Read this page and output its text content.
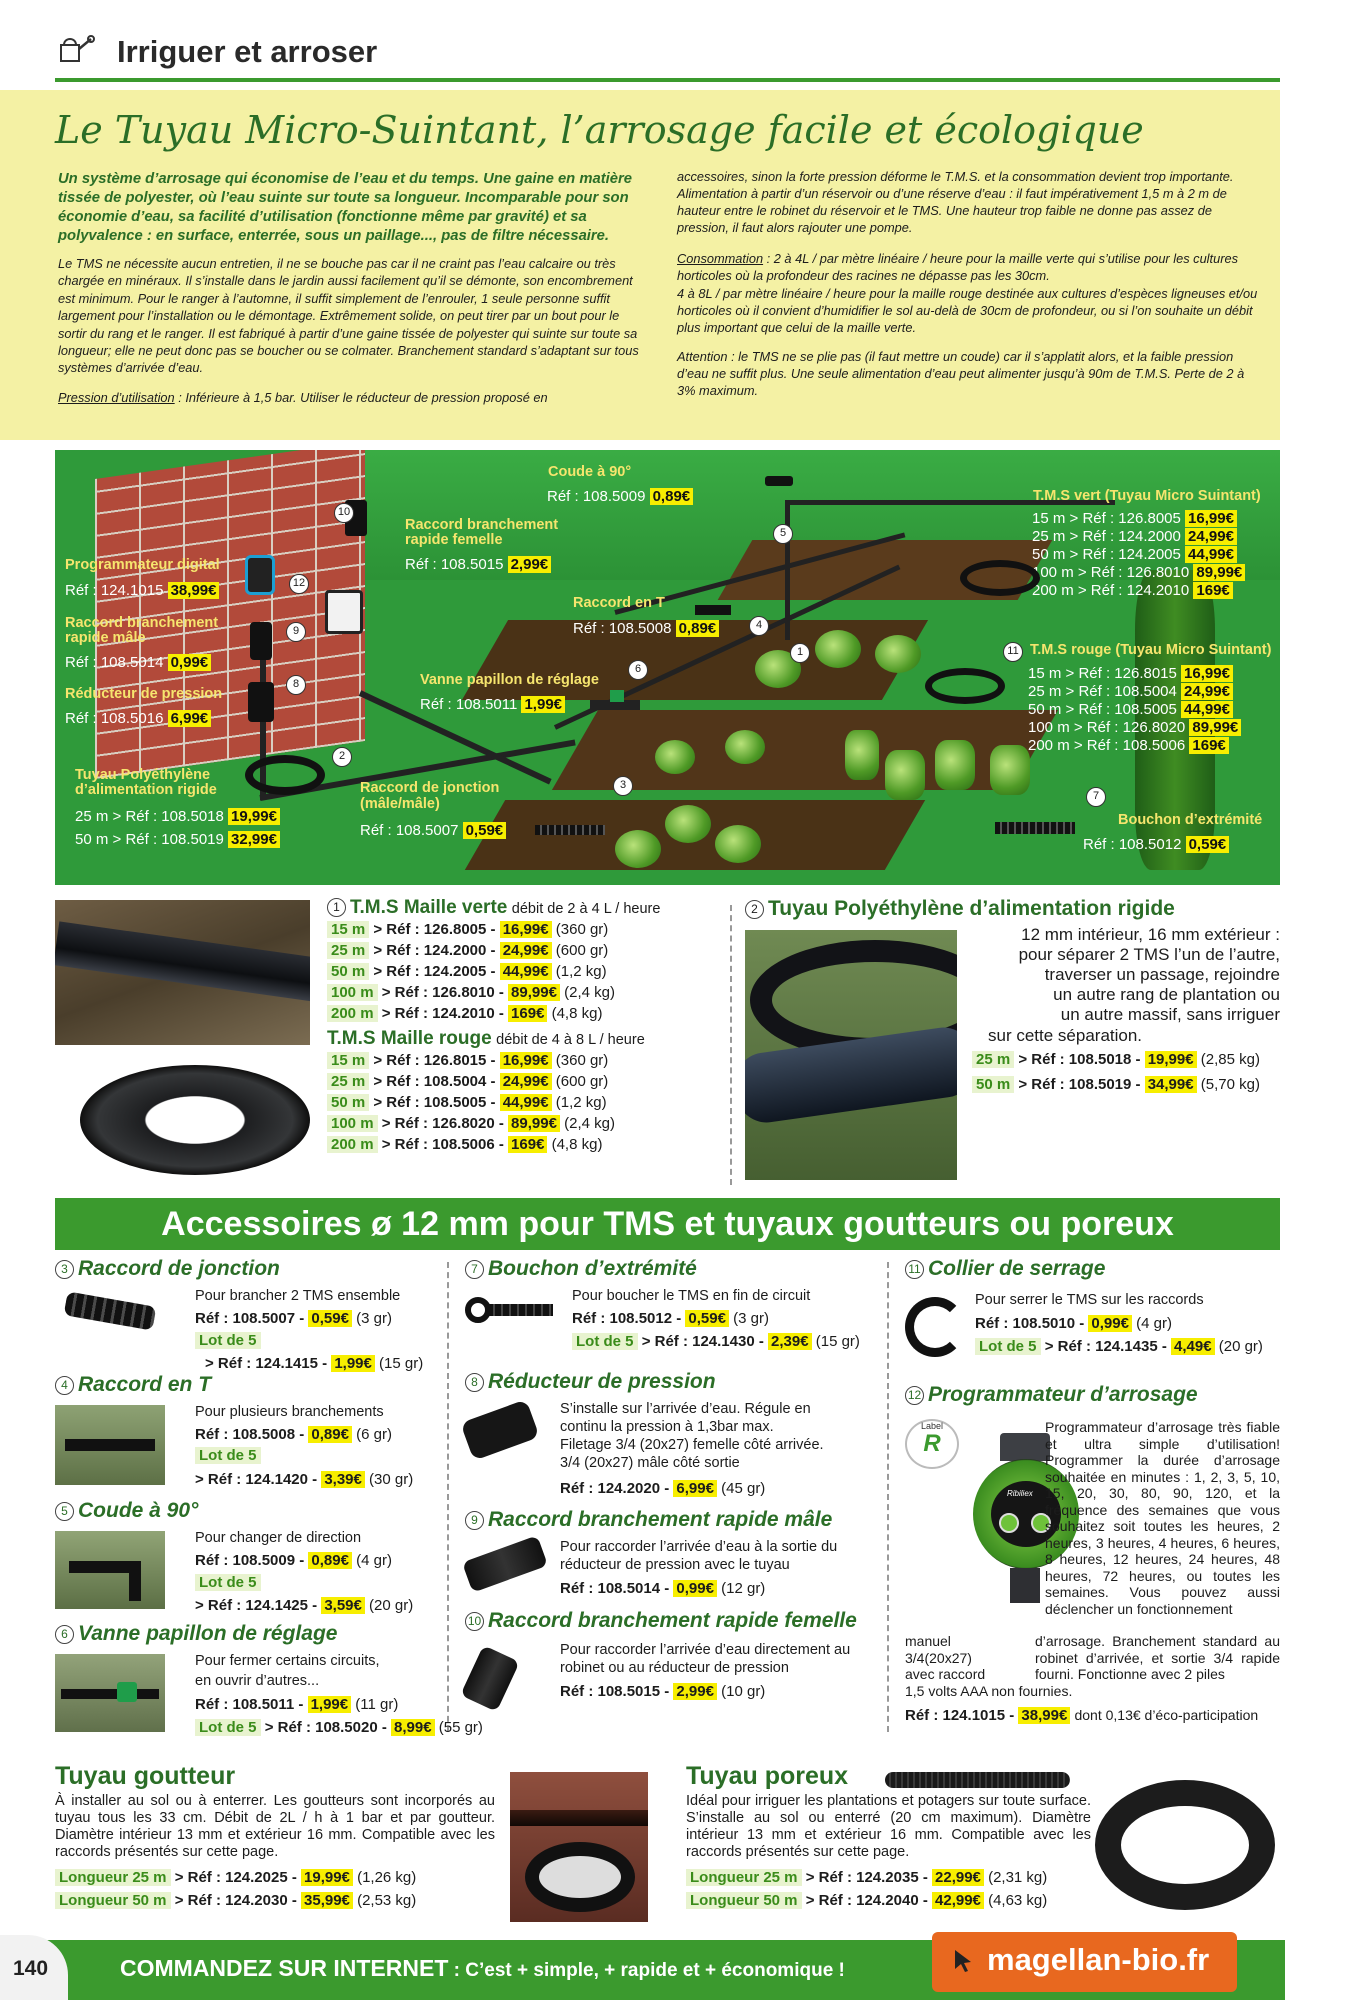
Irriguer et arroser
Le Tuyau Micro-Suintant, l’arrosage facile et écologique
Un système d’arrosage qui économise de l’eau et du temps. Une gaine en matière tissée de polyester, où l’eau suinte sur toute sa longueur. Incomparable pour son économie d’eau, sa facilité d’utilisation (fonctionne même par gravité) et sa polyvalence : en surface, enterrée, sous un paillage..., pas de filtre nécessaire.
Le TMS ne nécessite aucun entretien, il ne se bouche pas car il ne craint pas l’eau calcaire ou très chargée en minéraux. Il s’installe dans le jardin aussi facilement qu’il se démonte, son encombrement est minimum. Pour le ranger à l’automne, il suffit simplement de l’enrouler, 1 seule personne suffit largement pour l’installation ou le démontage. Extrêmement solide, on peut tirer par un bout pour le sortir du rang et le ranger. Il est fabriqué à partir d’une gaine tissée de polyester qui suinte sur toute sa longueur; elle ne peut donc pas se boucher ou se colmater. Branchement standard s’adaptant sur tous systèmes d’arrivée d’eau.
Pression d’utilisation : Inférieure à 1,5 bar. Utiliser le réducteur de pression proposé en
accessoires, sinon la forte pression déforme le T.M.S. et la consommation devient trop importante. Alimentation à partir d’un réservoir ou d’une réserve d’eau : il faut impérativement 1,5 m à 2 m de hauteur entre le robinet du réservoir et le TMS. Une hauteur trop faible ne donne pas assez de pression, il faut alors rajouter une pompe.
Consommation : 2 à 4L / par mètre linéaire / heure pour la maille verte qui s’utilise pour les cultures horticoles où la profondeur des racines ne dépasse pas les 30cm.
4 à 8L / par mètre linéaire / heure pour la maille rouge destinée aux cultures d’espèces ligneuses et/ou horticoles où il convient d’humidifier le sol au-delà de 30cm de profondeur, ou si l’on souhaite un débit plus important que celui de la maille verte.
Attention : le TMS ne se plie pas (il faut mettre un coude) car il s’applatit alors, et la faible pression d’eau ne suffit plus. Une seule alimentation d’eau peut alimenter jusqu’à 90m de T.M.S. Perte de 2 à 3% maximum.
Coude à 90°
Réf : 108.5009 0,89€
Raccord branchement rapide femelle
Réf : 108.5015 2,99€
Programmateur digital
Réf : 124.1015 38,99€
Raccord branchement rapide mâle
Réf : 108.5014 0,99€
Réducteur de pression
Réf : 108.5016 6,99€
Vanne papillon de réglage
Réf : 108.5011 1,99€
Raccord en T
Réf : 108.5008 0,89€
Tuyau Polyéthylène d’alimentation rigide
25 m > Réf : 108.5018 19,99€
50 m > Réf : 108.5019 32,99€
Raccord de jonction (mâle/mâle)
Réf : 108.5007 0,59€
T.M.S vert (Tuyau Micro Suintant)
15 m > Réf : 126.8005 16,99€
25 m > Réf : 124.2000 24,99€
50 m > Réf : 124.2005 44,99€
100 m > Réf : 126.8010 89,99€
200 m > Réf : 124.2010 169€
T.M.S rouge (Tuyau Micro Suintant)
15 m > Réf : 126.8015 16,99€
25 m > Réf : 108.5004 24,99€
50 m > Réf : 108.5005 44,99€
100 m > Réf : 126.8020 89,99€
200 m > Réf : 108.5006 169€
Bouchon d’extrémité
Réf : 108.5012 0,59€
1
2
3
4
5
6
7
8
9
10
11
12
1 T.M.S Maille verte débit de 2 à 4 L / heure
15 m > Réf : 126.8005 - 16,99€ (360 gr)
25 m > Réf : 124.2000 - 24,99€ (600 gr)
50 m > Réf : 124.2005 - 44,99€ (1,2 kg)
100 m > Réf : 126.8010 - 89,99€ (2,4 kg)
200 m > Réf : 124.2010 - 169€ (4,8 kg)
T.M.S Maille rouge débit de 4 à 8 L / heure
15 m > Réf : 126.8015 - 16,99€ (360 gr)
25 m > Réf : 108.5004 - 24,99€ (600 gr)
50 m > Réf : 108.5005 - 44,99€ (1,2 kg)
100 m > Réf : 126.8020 - 89,99€ (2,4 kg)
200 m > Réf : 108.5006 - 169€ (4,8 kg)
2 Tuyau Polyéthylène d’alimentation rigide
12 mm intérieur, 16 mm extérieur :
pour séparer 2 TMS l’un de l’autre,
traverser un passage, rejoindre
un autre rang de plantation ou
un autre massif, sans irriguer
sur cette séparation.
25 m > Réf : 108.5018 - 19,99€ (2,85 kg)
50 m > Réf : 108.5019 - 34,99€ (5,70 kg)
Accessoires ø 12 mm pour TMS et tuyaux goutteurs ou poreux
3 Raccord de jonction
Pour brancher 2 TMS ensemble
Réf : 108.5007 - 0,59€ (3 gr)
Lot de 5
> Réf : 124.1415 - 1,99€ (15 gr)
4 Raccord en T
Pour plusieurs branchements
Réf : 108.5008 - 0,89€ (6 gr)
Lot de 5
> Réf : 124.1420 - 3,39€ (30 gr)
5 Coude à 90°
Pour changer de direction
Réf : 108.5009 - 0,89€ (4 gr)
Lot de 5
> Réf : 124.1425 - 3,59€ (20 gr)
6 Vanne papillon de réglage
Pour fermer certains circuits,
en ouvrir d’autres...
Réf : 108.5011 - 1,99€ (11 gr)
Lot de 5 > Réf : 108.5020 - 8,99€ (55 gr)
7 Bouchon d’extrémité
Pour boucher le TMS en fin de circuit
Réf : 108.5012 - 0,59€ (3 gr)
Lot de 5 > Réf : 124.1430 - 2,39€ (15 gr)
8 Réducteur de pression
S’installe sur l’arrivée d’eau. Régule en
continu la pression à 1,3bar max.
Filetage 3/4 (20x27) femelle côté arrivée.
3/4 (20x27) mâle côté sortie
Réf : 124.2020 - 6,99€ (45 gr)
9 Raccord branchement rapide mâle
Pour raccorder l’arrivée d’eau à la sortie du
réducteur de pression avec le tuyau
Réf : 108.5014 - 0,99€ (12 gr)
10 Raccord branchement rapide femelle
Pour raccorder l’arrivée d’eau directement au
robinet ou au réducteur de pression
Réf : 108.5015 - 2,99€ (10 gr)
11 Collier de serrage
Pour serrer le TMS sur les raccords
Réf : 108.5010 - 0,99€ (4 gr)
Lot de 5 > Réf : 124.1435 - 4,49€ (20 gr)
12 Programmateur d’arrosage
Label
R
Ribiliex
Programmateur d’arrosage très fiable et ultra simple d’utilisation! Programmer la durée d’arrosage souhaitée en minutes : 1, 2, 3, 5, 10, 15, 20, 30, 80, 90, 120, et la fréquence des semaines que vous souhaitez soit toutes les heures, 2 heures, 3 heures, 4 heures, 6 heures, 8 heures, 12 heures, 24 heures, 48 heures, 72 heures, ou toutes les semaines. Vous pouvez aussi déclencher un fonctionnement
manuel
3/4(20x27)
avec raccord
d’arrosage. Branchement standard au robinet d’arrivée, et sortie 3/4 rapide fourni. Fonctionne avec 2 piles
1,5 volts AAA non fournies.
Réf : 124.1015 - 38,99€ dont 0,13€ d’éco-participation
Tuyau goutteur
À installer au sol ou à enterrer. Les goutteurs sont incorporés au tuyau tous les 33 cm. Débit de 2L / h à 1 bar et par goutteur. Diamètre intérieur 13 mm et extérieur 16 mm. Compatible avec les raccords présentés sur cette page.
Longueur 25 m > Réf : 124.2025 - 19,99€ (1,26 kg)
Longueur 50 m > Réf : 124.2030 - 35,99€ (2,53 kg)
Tuyau poreux
Idéal pour irriguer les plantations et potagers sur toute surface. S’installe au sol ou enterré (20 cm maximum). Diamètre intérieur 13 mm et extérieur 16 mm. Compatible avec les raccords présentés sur cette page.
Longueur 25 m > Réf : 124.2035 - 22,99€ (2,31 kg)
Longueur 50 m > Réf : 124.2040 - 42,99€ (4,63 kg)
140	COMMANDEZ SUR INTERNET : C’est + simple, + rapide et + économique !	magellan-bio.fr
